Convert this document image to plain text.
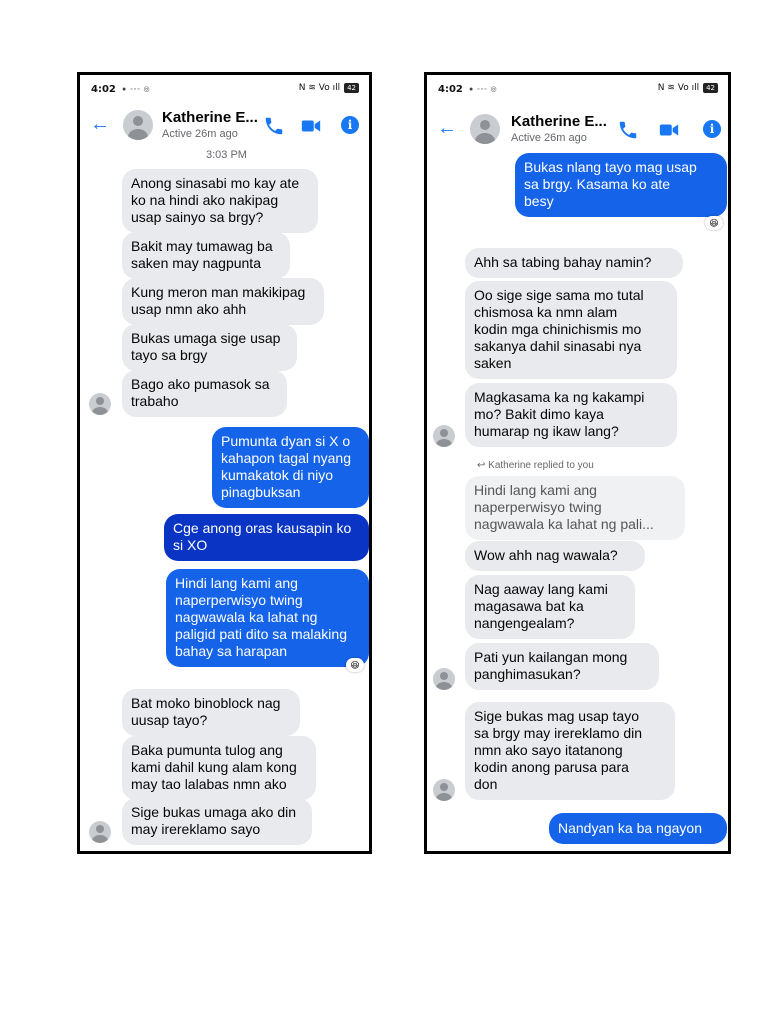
4:02 ● ◦◦◦ ◎	N ≋ Vo ıll	42
←	Katherine E...
Active 26m ago
i
3:03 PM
Anong sinasabi mo kay ate
ko na hindi ako nakipag
usap sainyo sa brgy?
Bakit may tumawag ba
saken may nagpunta
Kung meron man makikipag
usap nmn ako ahh
Bukas umaga sige usap
tayo sa brgy
Bago ako pumasok sa
trabaho
Pumunta dyan si X o
kahapon tagal nyang
kumakatok di niyo
pinagbuksan
Cge anong oras kausapin ko
si XO
Hindi lang kami ang
naperperwisyo twing
nagwawala ka lahat ng
paligid pati dito sa malaking
bahay sa harapan
😆
Bat moko binoblock nag
uusap tayo?
Baka pumunta tulog ang
kami dahil kung alam kong
may tao lalabas nmn ako
Sige bukas umaga ako din
may irereklamo sayo
4:02 ● ◦◦◦ ◎	N ≋ Vo ıll	42
←	Katherine E...
Active 26m ago
i
Bukas nlang tayo mag usap
sa brgy. Kasama ko ate
besy
😆
Ahh sa tabing bahay namin?
Oo sige sige sama mo tutal
chismosa ka nmn alam
kodin mga chinichismis mo
sakanya dahil sinasabi nya
saken
Magkasama ka ng kakampi
mo? Bakit dimo kaya
humarap ng ikaw lang?
↩ Katherine replied to you
Hindi lang kami ang
naperperwisyo twing
nagwawala ka lahat ng pali...
Wow ahh nag wawala?
Nag aaway lang kami
magasawa bat ka
nangengealam?
Pati yun kailangan mong
panghimasukan?
Sige bukas mag usap tayo
sa brgy may irereklamo din
nmn ako sayo itatanong
kodin anong parusa para
don
Nandyan ka ba ngayon
